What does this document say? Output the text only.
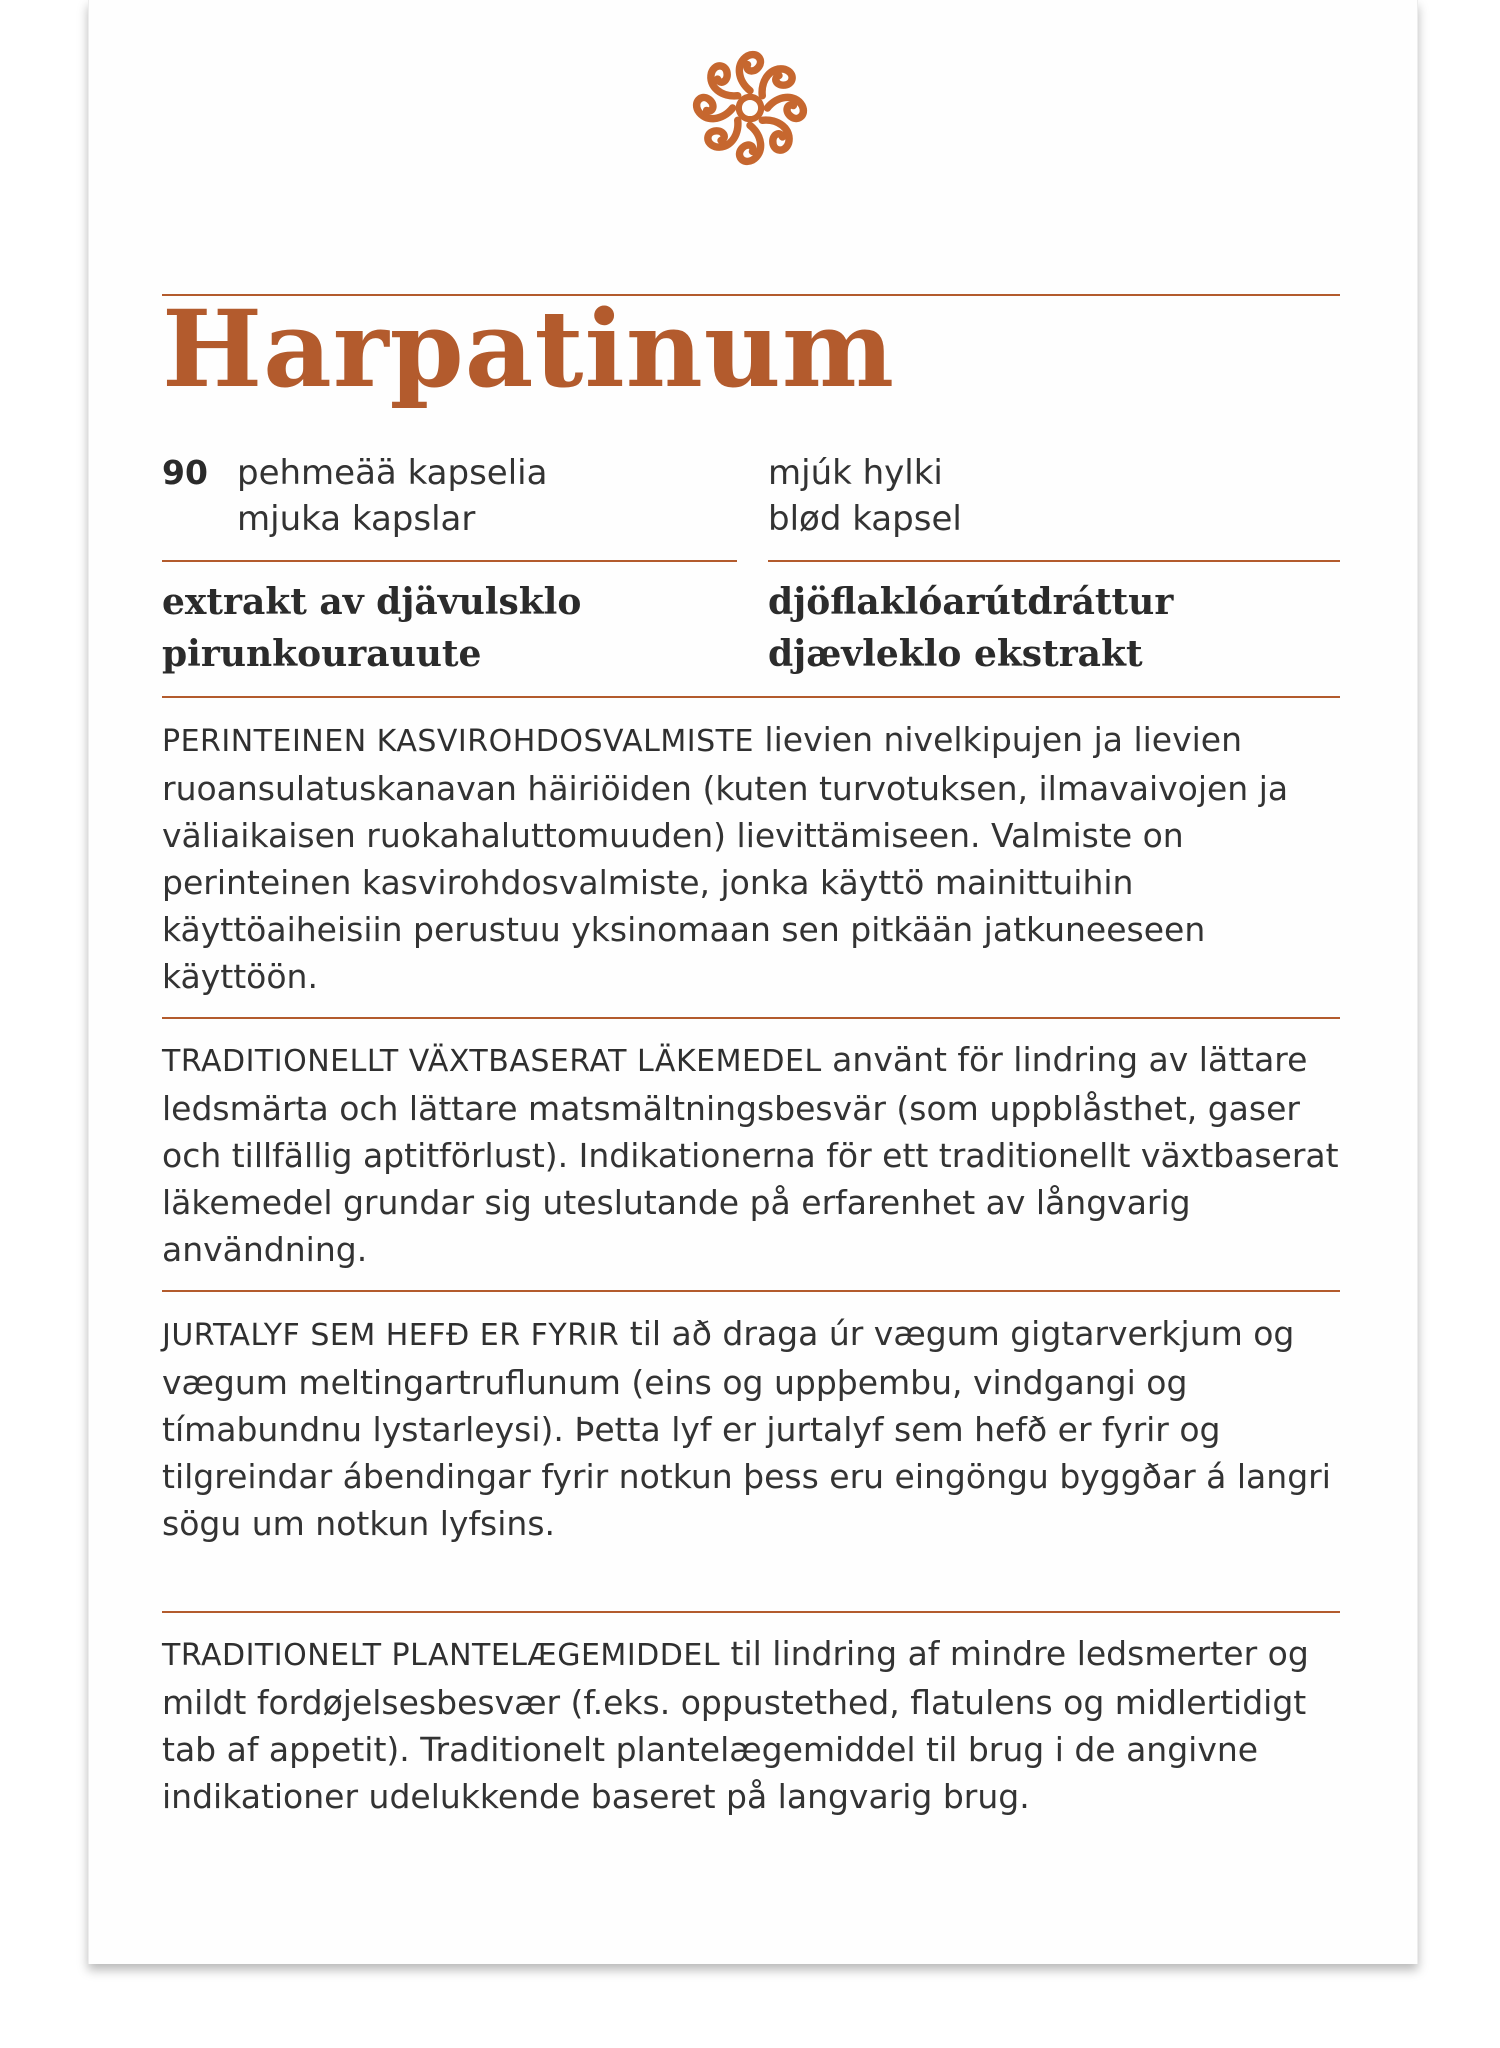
Harpatinum
90 pehmeää kapselia
mjuka kapslar
mjúk hylki
blød kapsel
extrakt av djävulsklo
pirunkourauute
djöflaklóarútdráttur
djævleklo ekstrakt
PERINTEINEN KASVIROHDOSVALMISTE lievien nivelkipujen ja lievien ruoansulatuskanavan häiriöiden (kuten turvotuksen, ilmavaivojen ja väliaikaisen ruokahaluttomuuden) lievittämiseen. Valmiste on perinteinen kasvirohdosvalmiste, jonka käyttö mainittuihin käyttöaiheisiin perustuu yksinomaan sen pitkään jatkuneeseen käyttöön.
TRADITIONELLT VÄXTBASERAT LÄKEMEDEL använt för lindring av lättare ledsmärta och lättare matsmältningsbesvär (som uppblåsthet, gaser och tillfällig aptitförlust). Indikationerna för ett traditionellt växtbaserat läkemedel grundar sig uteslutande på erfarenhet av långvarig användning.
JURTALYF SEM HEFÐ ER FYRIR til að draga úr vægum gigtarverkjum og vægum meltingartruflunum (eins og uppþembu, vindgangi og tímabundnu lystarleysi). Þetta lyf er jurtalyf sem hefð er fyrir og tilgreindar ábendingar fyrir notkun þess eru eingöngu byggðar á langri sögu um notkun lyfsins.
TRADITIONELT PLANTELÆGEMIDDEL til lindring af mindre ledsmerter og mildt fordøjelsesbesvær (f.eks. oppustethed, flatulens og midlertidigt tab af appetit). Traditionelt plantelægemiddel til brug i de angivne indikationer udelukkende baseret på langvarig brug.
